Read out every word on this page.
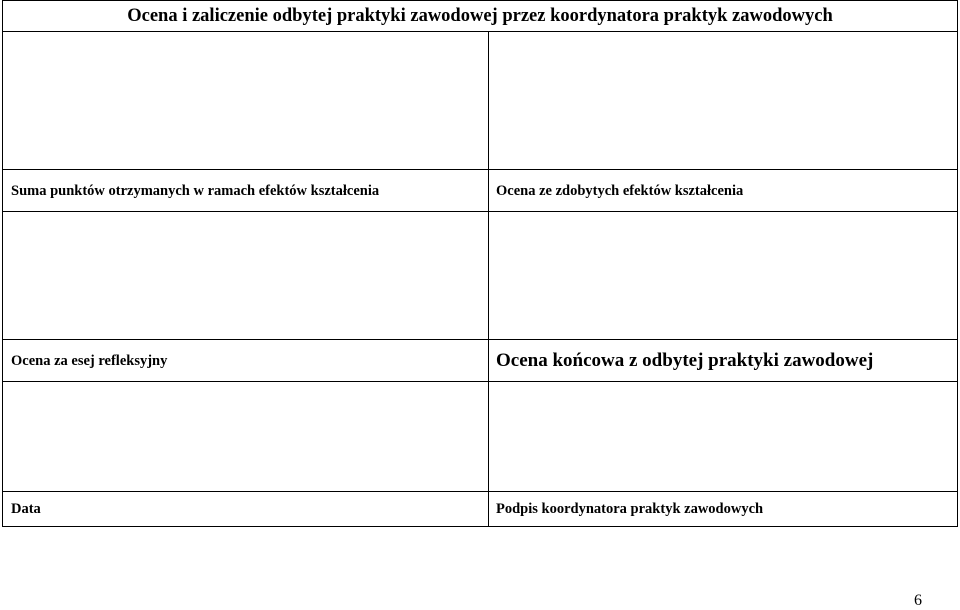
Ocena i zaliczenie odbytej praktyki zawodowej przez koordynatora praktyk zawodowych
Suma punktów otrzymanych w ramach efektów kształcenia	Ocena ze zdobytych efektów kształcenia
Ocena za esej refleksyjny	Ocena końcowa z odbytej praktyki zawodowej
Data	Podpis koordynatora praktyk zawodowych
6
